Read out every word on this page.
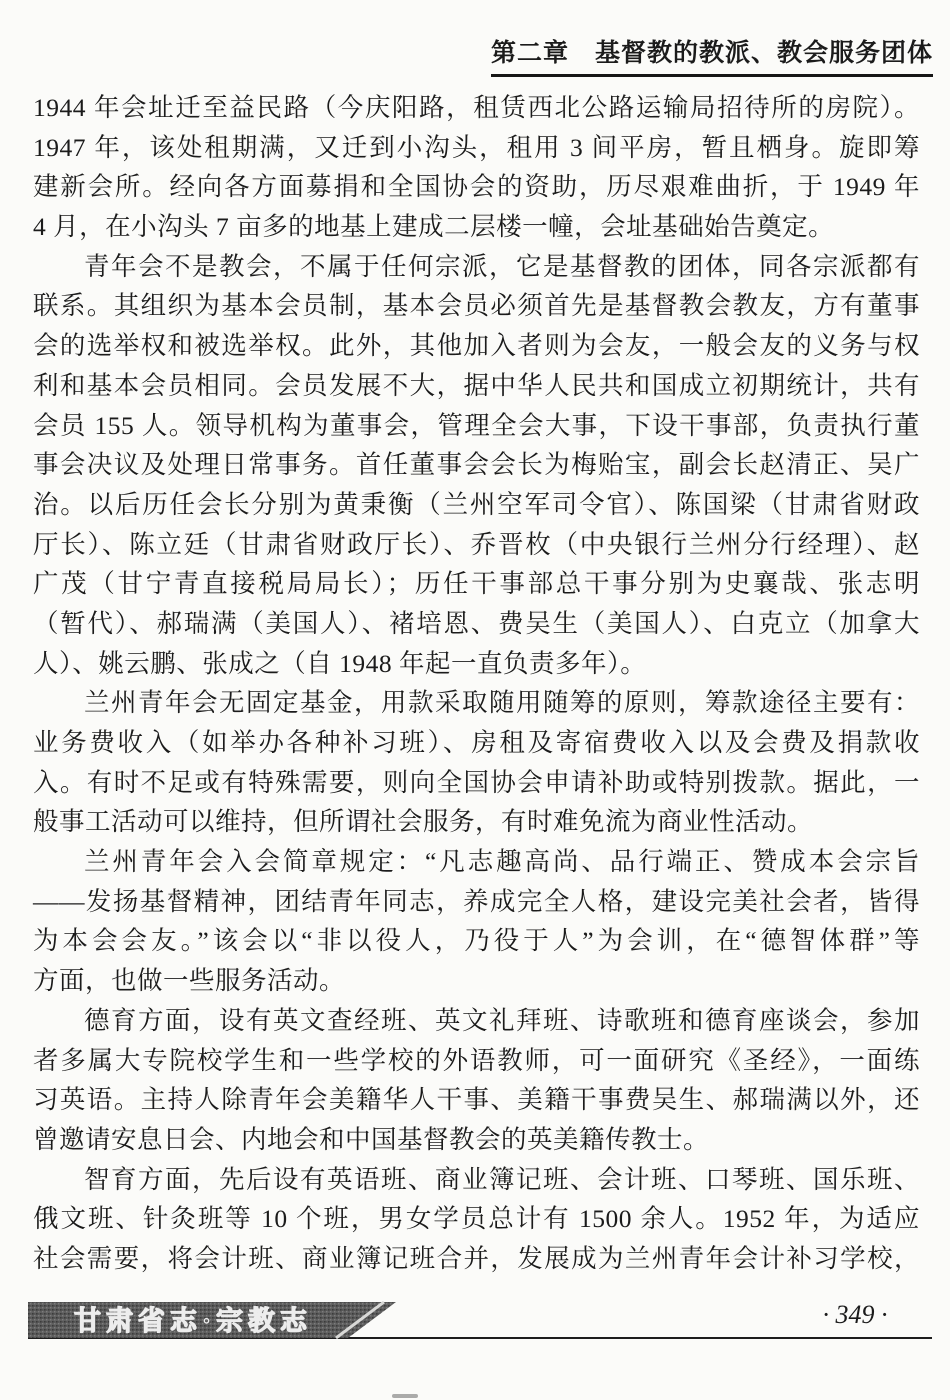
第二章　基督教的教派、教会服务团体
1944 年会址迁至益民路（今庆阳路，租赁西北公路运输局招待所的房院）。
1947 年，该处租期满，又迁到小沟头，租用 3 间平房，暂且栖身。旋即筹
建新会所。经向各方面募捐和全国协会的资助，历尽艰难曲折，于 1949 年
4 月，在小沟头 7 亩多的地基上建成二层楼一幢，会址基础始告奠定。
青年会不是教会，不属于任何宗派，它是基督教的团体，同各宗派都有
联系。其组织为基本会员制，基本会员必须首先是基督教会教友，方有董事
会的选举权和被选举权。此外，其他加入者则为会友，一般会友的义务与权
利和基本会员相同。会员发展不大，据中华人民共和国成立初期统计，共有
会员 155 人。领导机构为董事会，管理全会大事，下设干事部，负责执行董
事会决议及处理日常事务。首任董事会会长为梅贻宝，副会长赵清正、吴广
治。以后历任会长分别为黄秉衡（兰州空军司令官）、陈国梁（甘肃省财政
厅长）、陈立廷（甘肃省财政厅长）、乔晋枚（中央银行兰州分行经理）、赵
广茂（甘宁青直接税局局长）；历任干事部总干事分别为史襄哉、张志明
（暂代）、郝瑞满（美国人）、褚培恩、费吴生（美国人）、白克立（加拿大
人）、姚云鹏、张成之（自 1948 年起一直负责多年）。
兰州青年会无固定基金，用款采取随用随筹的原则，筹款途径主要有：
业务费收入（如举办各种补习班）、房租及寄宿费收入以及会费及捐款收
入。有时不足或有特殊需要，则向全国协会申请补助或特别拨款。据此，一
般事工活动可以维持，但所谓社会服务，有时难免流为商业性活动。
兰州青年会入会简章规定：“凡志趣高尚、品行端正、赞成本会宗旨
——发扬基督精神，团结青年同志，养成完全人格，建设完美社会者，皆得
为本会会友。”该会以“非以役人，乃役于人”为会训，在“德智体群”等
方面，也做一些服务活动。
德育方面，设有英文查经班、英文礼拜班、诗歌班和德育座谈会，参加
者多属大专院校学生和一些学校的外语教师，可一面研究《圣经》，一面练
习英语。主持人除青年会美籍华人干事、美籍干事费吴生、郝瑞满以外，还
曾邀请安息日会、内地会和中国基督教会的英美籍传教士。
智育方面，先后设有英语班、商业簿记班、会计班、口琴班、国乐班、
俄文班、针灸班等 10 个班，男女学员总计有 1500 余人。1952 年，为适应
社会需要，将会计班、商业簿记班合并，发展成为兰州青年会计补习学校，
甘肃省志·宗教志	· 349 ·
